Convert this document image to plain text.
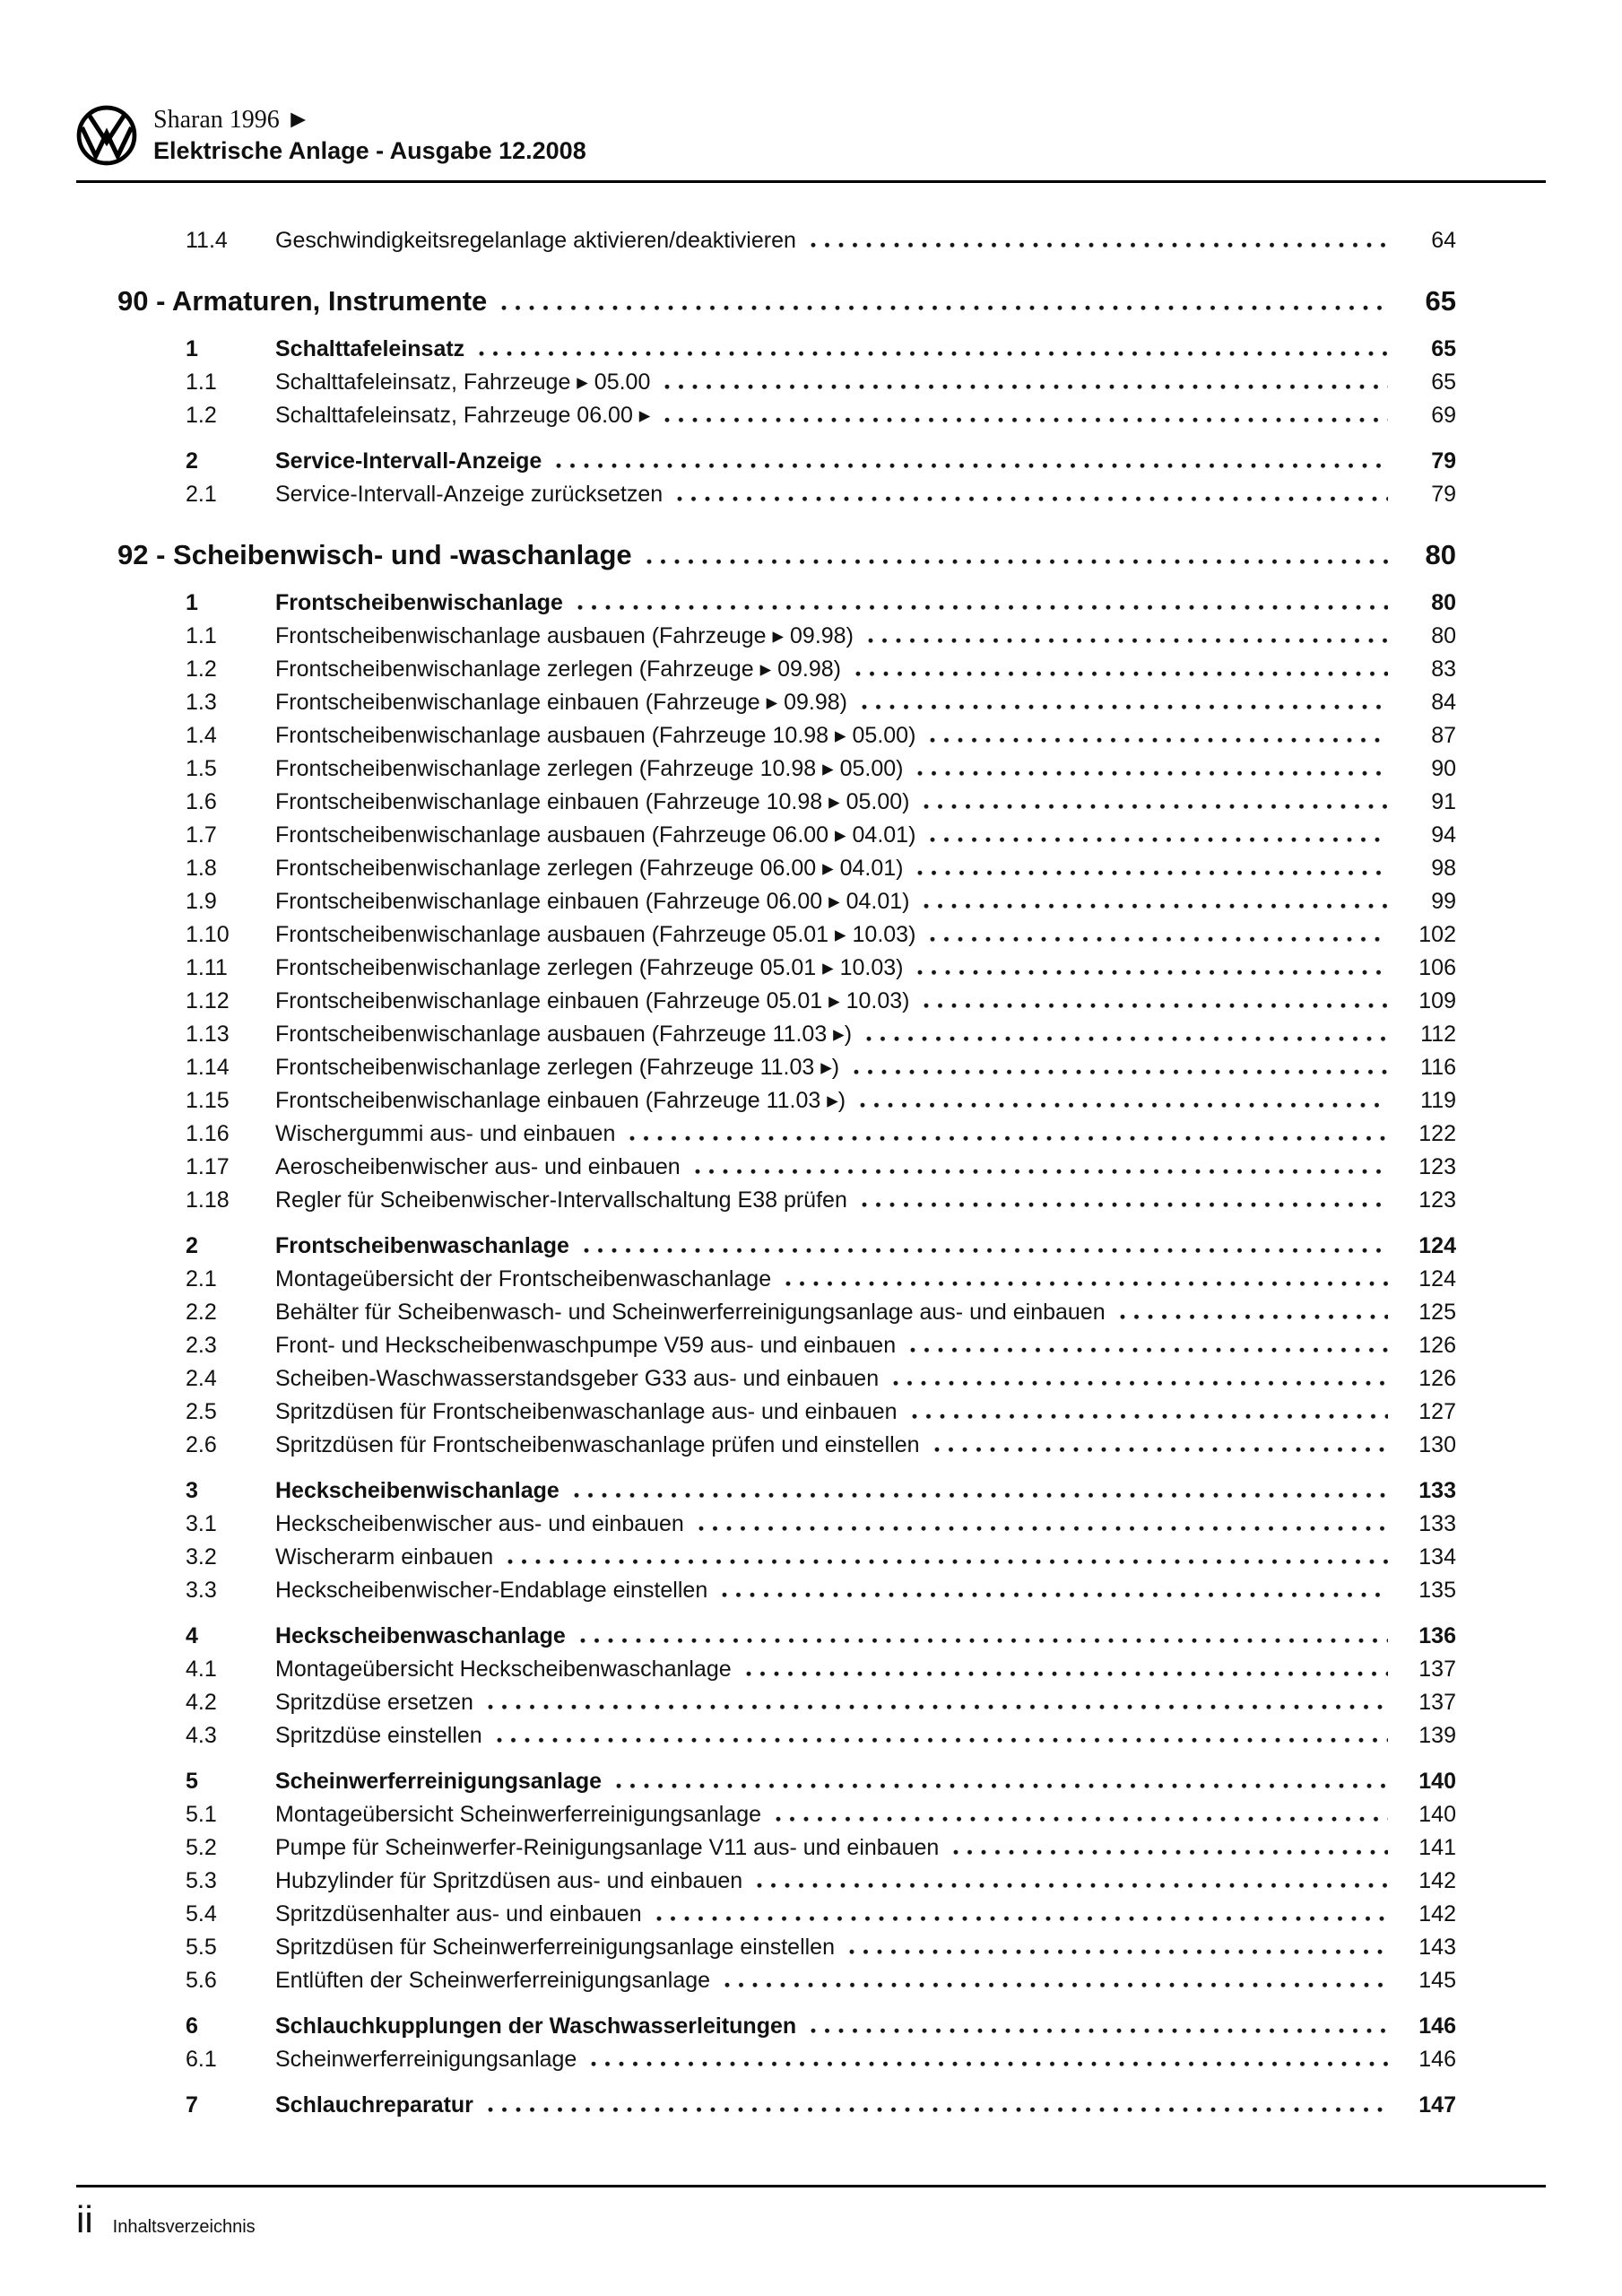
Sharan 1996 ►
Elektrische Anlage - Ausgabe 12.2008
11.4	Geschwindigkeitsregelanlage aktivieren/deaktivieren	64
90 - Armaturen, Instrumente	65
1	Schalttafeleinsatz	65
1.1	Schalttafeleinsatz, Fahrzeuge ▸ 05.00	65
1.2	Schalttafeleinsatz, Fahrzeuge 06.00 ▸	69
2	Service-Intervall-Anzeige	79
2.1	Service-Intervall-Anzeige zurücksetzen	79
92 - Scheibenwisch- und -waschanlage	80
1	Frontscheibenwischanlage	80
1.1	Frontscheibenwischanlage ausbauen (Fahrzeuge ▸ 09.98)	80
1.2	Frontscheibenwischanlage zerlegen (Fahrzeuge ▸ 09.98)	83
1.3	Frontscheibenwischanlage einbauen (Fahrzeuge ▸ 09.98)	84
1.4	Frontscheibenwischanlage ausbauen (Fahrzeuge 10.98 ▸ 05.00)	87
1.5	Frontscheibenwischanlage zerlegen (Fahrzeuge 10.98 ▸ 05.00)	90
1.6	Frontscheibenwischanlage einbauen (Fahrzeuge 10.98 ▸ 05.00)	91
1.7	Frontscheibenwischanlage ausbauen (Fahrzeuge 06.00 ▸ 04.01)	94
1.8	Frontscheibenwischanlage zerlegen (Fahrzeuge 06.00 ▸ 04.01)	98
1.9	Frontscheibenwischanlage einbauen (Fahrzeuge 06.00 ▸ 04.01)	99
1.10	Frontscheibenwischanlage ausbauen (Fahrzeuge 05.01 ▸ 10.03)	102
1.11	Frontscheibenwischanlage zerlegen (Fahrzeuge 05.01 ▸ 10.03)	106
1.12	Frontscheibenwischanlage einbauen (Fahrzeuge 05.01 ▸ 10.03)	109
1.13	Frontscheibenwischanlage ausbauen (Fahrzeuge 11.03 ▸)	112
1.14	Frontscheibenwischanlage zerlegen (Fahrzeuge 11.03 ▸)	116
1.15	Frontscheibenwischanlage einbauen (Fahrzeuge 11.03 ▸)	119
1.16	Wischergummi aus- und einbauen	122
1.17	Aeroscheibenwischer aus- und einbauen	123
1.18	Regler für Scheibenwischer-Intervallschaltung E38 prüfen	123
2	Frontscheibenwaschanlage	124
2.1	Montageübersicht der Frontscheibenwaschanlage	124
2.2	Behälter für Scheibenwasch- und Scheinwerferreinigungsanlage aus- und einbauen	125
2.3	Front- und Heckscheibenwaschpumpe V59 aus- und einbauen	126
2.4	Scheiben-Waschwasserstandsgeber G33 aus- und einbauen	126
2.5	Spritzdüsen für Frontscheibenwaschanlage aus- und einbauen	127
2.6	Spritzdüsen für Frontscheibenwaschanlage prüfen und einstellen	130
3	Heckscheibenwischanlage	133
3.1	Heckscheibenwischer aus- und einbauen	133
3.2	Wischerarm einbauen	134
3.3	Heckscheibenwischer-Endablage einstellen	135
4	Heckscheibenwaschanlage	136
4.1	Montageübersicht Heckscheibenwaschanlage	137
4.2	Spritzdüse ersetzen	137
4.3	Spritzdüse einstellen	139
5	Scheinwerferreinigungsanlage	140
5.1	Montageübersicht Scheinwerferreinigungsanlage	140
5.2	Pumpe für Scheinwerfer-Reinigungsanlage V11 aus- und einbauen	141
5.3	Hubzylinder für Spritzdüsen aus- und einbauen	142
5.4	Spritzdüsenhalter aus- und einbauen	142
5.5	Spritzdüsen für Scheinwerferreinigungsanlage einstellen	143
5.6	Entlüften der Scheinwerferreinigungsanlage	145
6	Schlauchkupplungen der Waschwasserleitungen	146
6.1	Scheinwerferreinigungsanlage	146
7	Schlauchreparatur	147
ii Inhaltsverzeichnis
